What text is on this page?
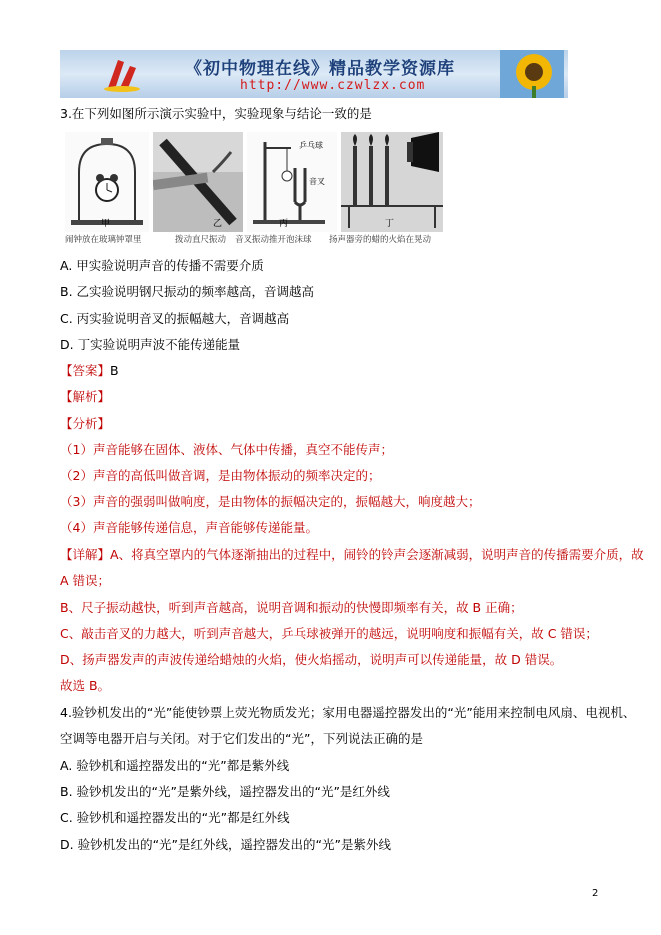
《初中物理在线》精品教学资源库
http://www.czwlzx.com
3.在下列如图所示演示实验中，实验现象与结论一致的是
甲
闹钟放在玻璃钟罩里
乙
拨动直尺振动
乒乓球
音叉
丙
音叉振动推开泡沫球
丁
扬声器旁的蜡的火焰在晃动
A. 甲实验说明声音的传播不需要介质
B. 乙实验说明钢尺振动的频率越高，音调越高
C. 丙实验说明音叉的振幅越大，音调越高
D. 丁实验说明声波不能传递能量
【答案】B
【解析】
【分析】
（1）声音能够在固体、液体、气体中传播，真空不能传声；
（2）声音的高低叫做音调，是由物体振动的频率决定的；
（3）声音的强弱叫做响度，是由物体的振幅决定的，振幅越大，响度越大；
（4）声音能够传递信息，声音能够传递能量。
【详解】A、将真空罩内的气体逐渐抽出的过程中，闹铃的铃声会逐渐减弱，说明声音的传播需要介质，故
A 错误；
B、尺子振动越快，听到声音越高，说明音调和振动的快慢即频率有关，故 B 正确；
C、敲击音叉的力越大，听到声音越大，乒乓球被弹开的越远，说明响度和振幅有关，故 C 错误；
D、扬声器发声的声波传递给蜡烛的火焰，使火焰摇动，说明声可以传递能量，故 D 错误。
故选 B。
4.验钞机发出的“光”能使钞票上荧光物质发光；家用电器遥控器发出的“光”能用来控制电风扇、电视机、
空调等电器开启与关闭。对于它们发出的“光”，下列说法正确的是
A. 验钞机和遥控器发出的“光”都是紫外线
B. 验钞机发出的“光”是紫外线，遥控器发出的“光”是红外线
C. 验钞机和遥控器发出的“光”都是红外线
D. 验钞机发出的“光”是红外线，遥控器发出的“光”是紫外线
2
